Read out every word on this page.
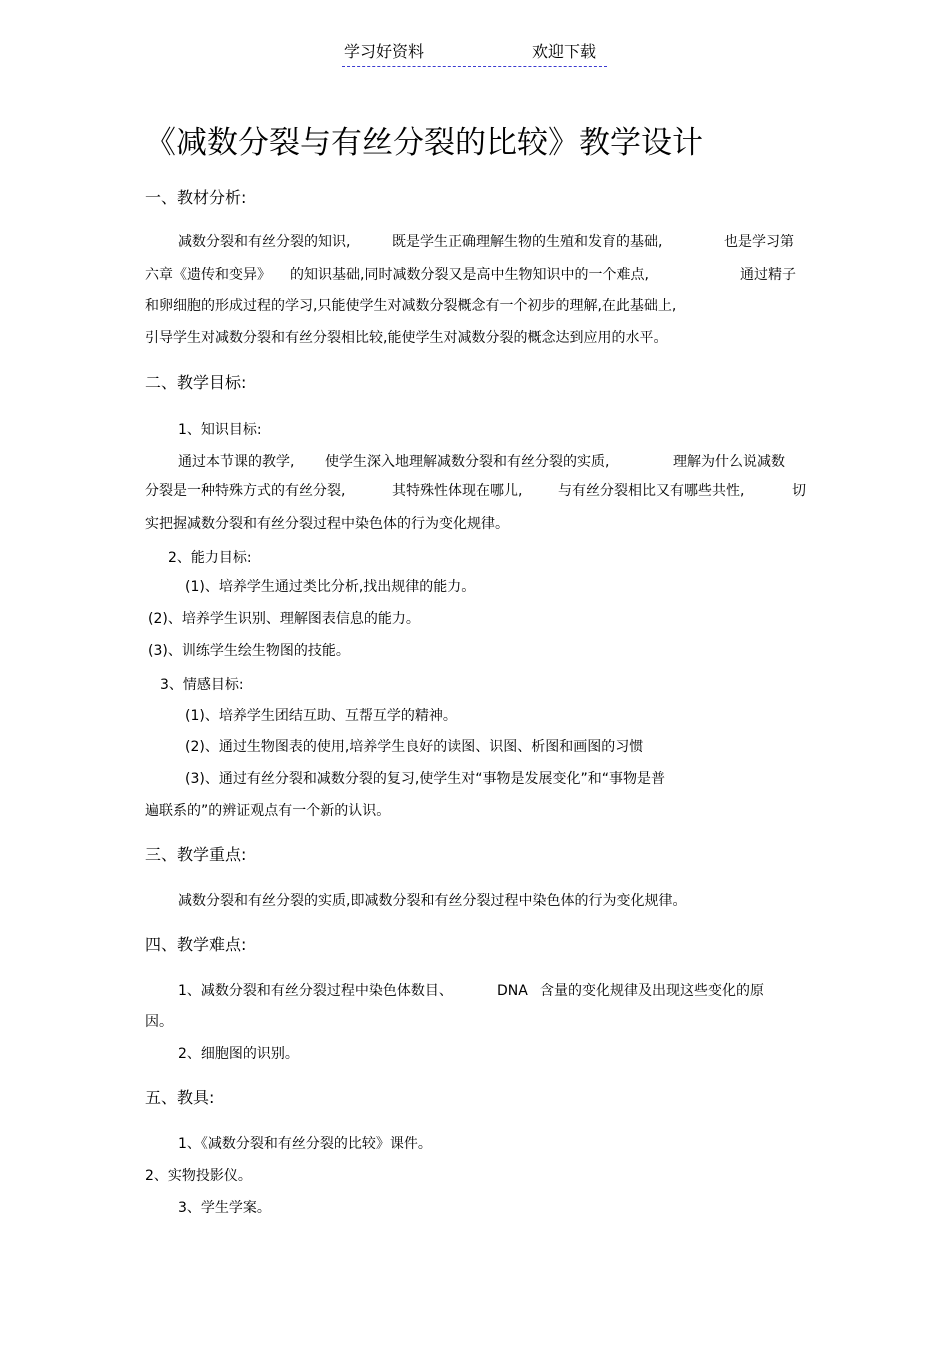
学习好资料	欢迎下载
《减数分裂与有丝分裂的比较》教学设计
一、教材分析:
减数分裂和有丝分裂的知识,	既是学生正确理解生物的生殖和发育的基础,	也是学习第
六章《遗传和变异》 的知识基础,同时减数分裂又是高中生物知识中的一个难点,	通过精子
和卵细胞的形成过程的学习,只能使学生对减数分裂概念有一个初步的理解,在此基础上,
引导学生对减数分裂和有丝分裂相比较,能使学生对减数分裂的概念达到应用的水平。
二、教学目标:
1、知识目标:
通过本节课的教学, 使学生深入地理解减数分裂和有丝分裂的实质,	理解为什么说减数
分裂是一种特殊方式的有丝分裂,	其特殊性体现在哪儿,	与有丝分裂相比又有哪些共性,	切
实把握减数分裂和有丝分裂过程中染色体的行为变化规律。
2、能力目标:
(1)、培养学生通过类比分析,找出规律的能力。
(2)、培养学生识别、理解图表信息的能力。
(3)、训练学生绘生物图的技能。
3、情感目标:
(1)、培养学生团结互助、互帮互学的精神。
(2)、通过生物图表的使用,培养学生良好的读图、识图、析图和画图的习惯
(3)、通过有丝分裂和减数分裂的复习,使学生对“事物是发展变化”和“事物是普
遍联系的”的辨证观点有一个新的认识。
三、教学重点:
减数分裂和有丝分裂的实质,即减数分裂和有丝分裂过程中染色体的行为变化规律。
四、教学难点:
1、减数分裂和有丝分裂过程中染色体数目、	DNA 含量的变化规律及出现这些变化的原
因。
2、细胞图的识别。
五、教具:
1、《减数分裂和有丝分裂的比较》课件。
2、实物投影仪。
3、学生学案。
